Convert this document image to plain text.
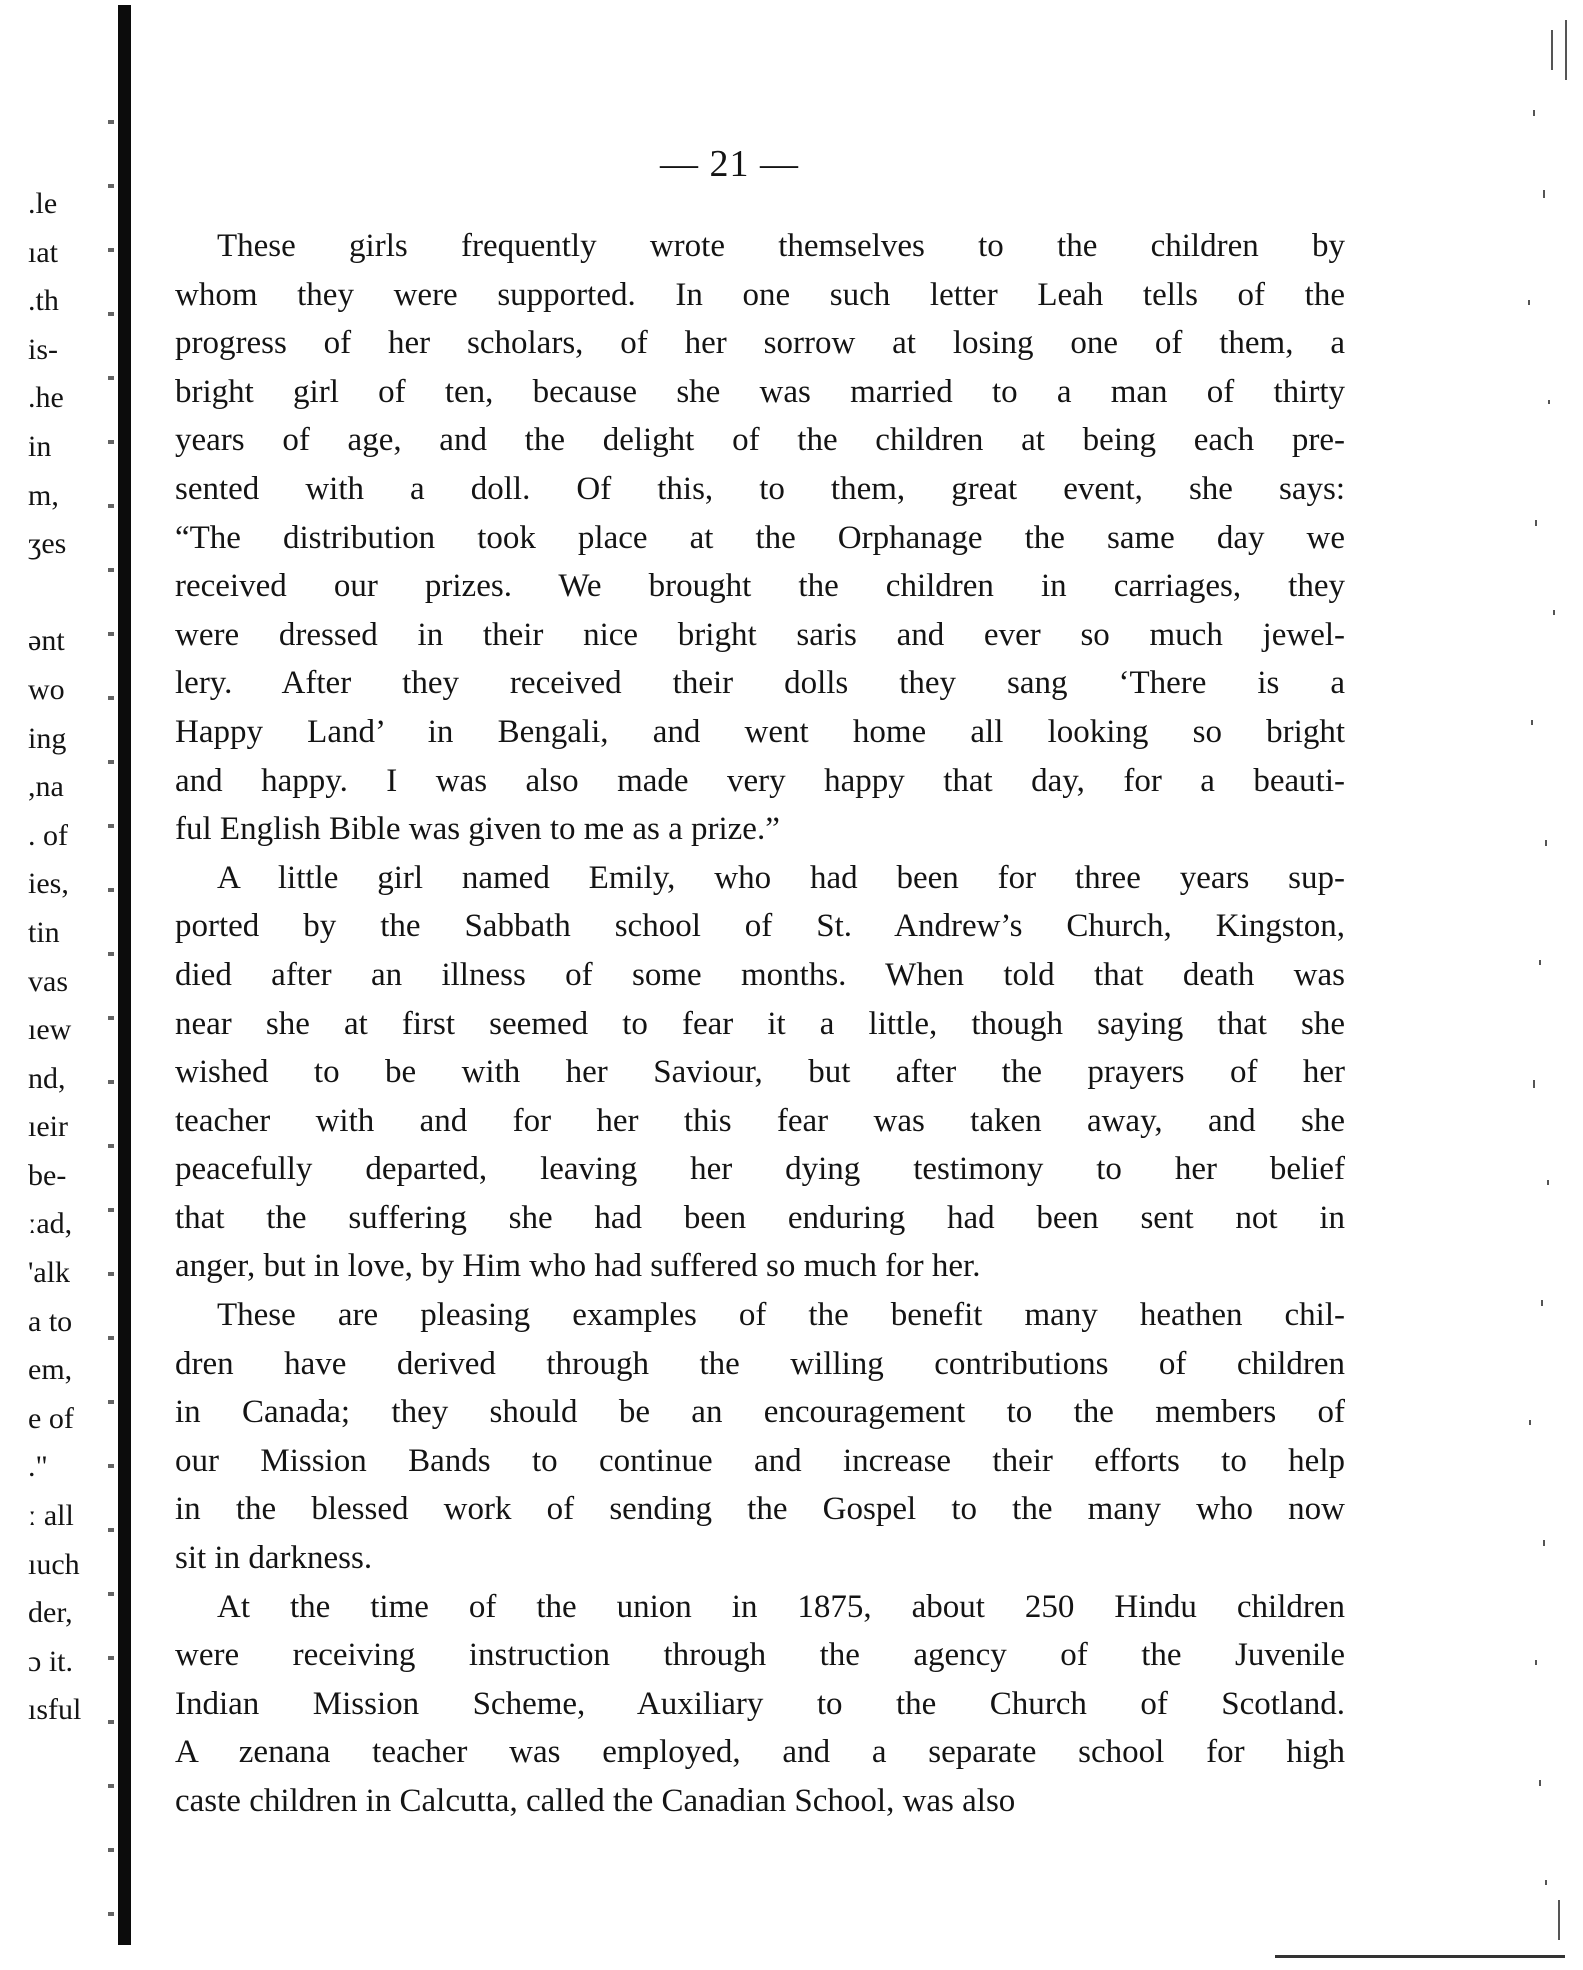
.le
ıat
.th
is-
.he
in
m,
ʒes
ənt
wo
ing
,na
. of
ies,
tin
vas
ıew
nd,
ıeir
be-
ːad,
'alk
a to
em,
e of
."
ː all
ıuch
der,
ɔ it.
ısful
— 21 —

These girls frequently wrote themselves to the children by
whom they were supported. In one such letter Leah tells of the
progress of her scholars, of her sorrow at losing one of them, a
bright girl of ten, because she was married to a man of thirty
years of age, and the delight of the children at being each pre-
sented with a doll. Of this, to them, great event, she says:
“The distribution took place at the Orphanage the same day we
received our prizes. We brought the children in carriages, they
were dressed in their nice bright saris and ever so much jewel-
lery. After they received their dolls they sang ‘There is a
Happy Land’ in Bengali, and went home all looking so bright
and happy. I was also made very happy that day, for a beauti-
ful English Bible was given to me as a prize.”

A little girl named Emily, who had been for three years sup-
ported by the Sabbath school of St. Andrew’s Church, Kingston,
died after an illness of some months. When told that death was
near she at first seemed to fear it a little, though saying that she
wished to be with her Saviour, but after the prayers of her
teacher with and for her this fear was taken away, and she
peacefully departed, leaving her dying testimony to her belief
that the suffering she had been enduring had been sent not in
anger, but in love, by Him who had suffered so much for her.

These are pleasing examples of the benefit many heathen chil-
dren have derived through the willing contributions of children
in Canada; they should be an encouragement to the members of
our Mission Bands to continue and increase their efforts to help
in the blessed work of sending the Gospel to the many who now
sit in darkness.

At the time of the union in 1875, about 250 Hindu children
were receiving instruction through the agency of the Juvenile
Indian Mission Scheme, Auxiliary to the Church of Scotland.
A zenana teacher was employed, and a separate school for high
caste children in Calcutta, called the Canadian School, was also
